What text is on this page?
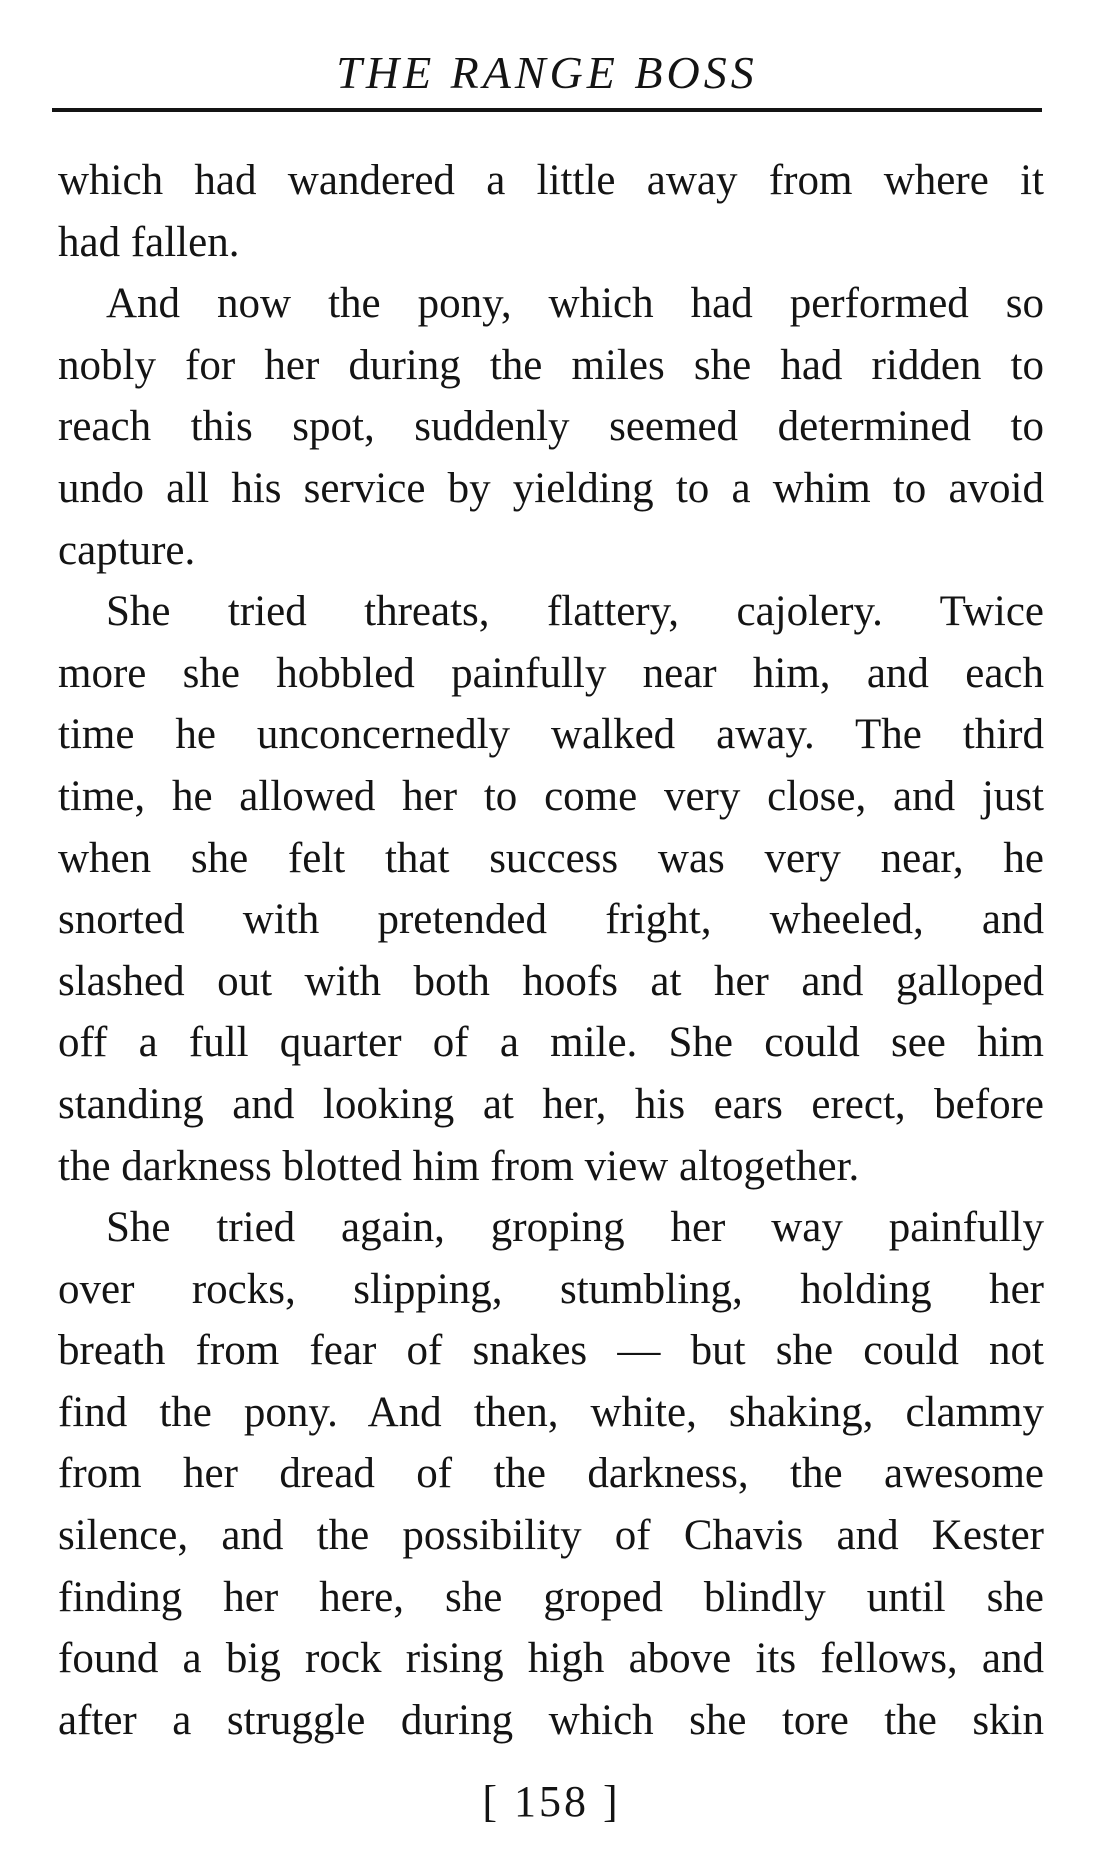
THE RANGE BOSS

which had wandered a little away from where it
had fallen.

And now the pony, which had performed so
nobly for her during the miles she had ridden to
reach this spot, suddenly seemed determined to
undo all his service by yielding to a whim to avoid
capture.

She tried threats, flattery, cajolery. Twice
more she hobbled painfully near him, and each
time he unconcernedly walked away. The third
time, he allowed her to come very close, and just
when she felt that success was very near, he
snorted with pretended fright, wheeled, and
slashed out with both hoofs at her and galloped
off a full quarter of a mile. She could see him
standing and looking at her, his ears erect, before
the darkness blotted him from view altogether.

She tried again, groping her way painfully
over rocks, slipping, stumbling, holding her
breath from fear of snakes — but she could not
find the pony. And then, white, shaking, clammy
from her dread of the darkness, the awesome
silence, and the possibility of Chavis and Kester
finding her here, she groped blindly until she
found a big rock rising high above its fellows, and
after a struggle during which she tore the skin

[ 158 ]
